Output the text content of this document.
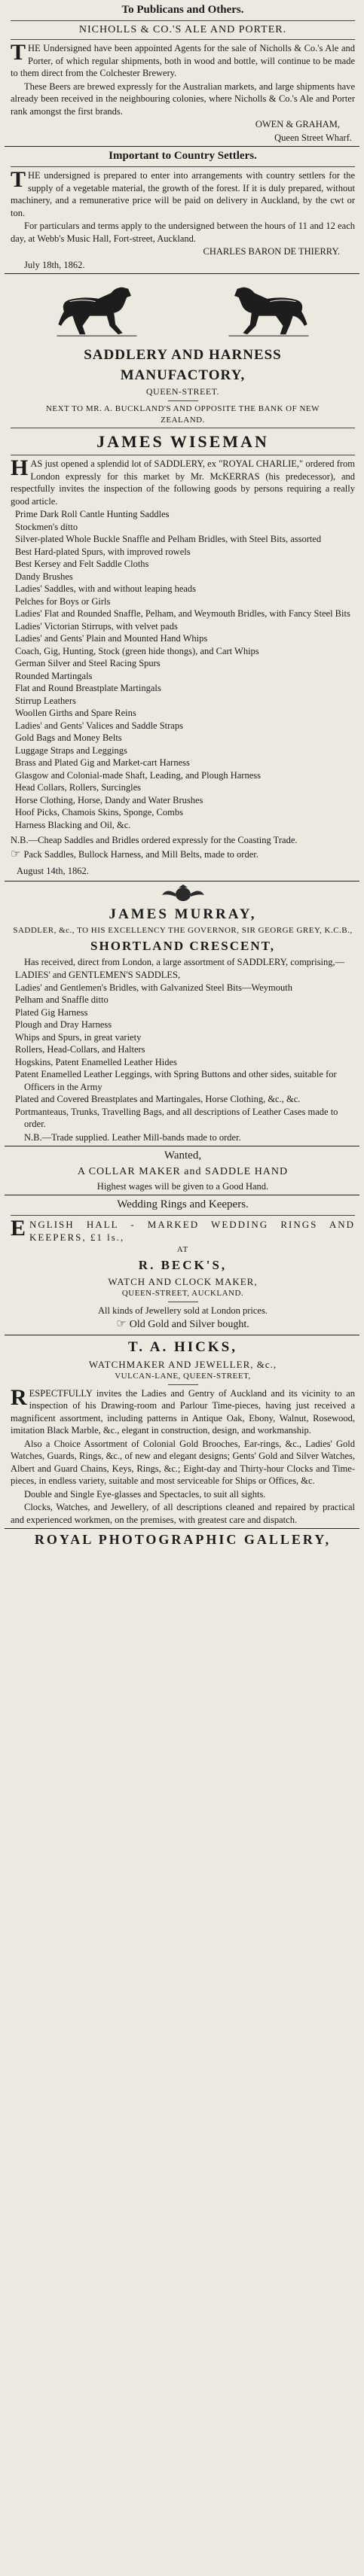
To Publicans and Others.
NICHOLLS & CO.'S ALE AND PORTER.

THE Undersigned have been appointed Agents for the sale of Nicholls & Co.'s Ale and Porter, of which regular shipments, both in wood and bottle, will continue to be made to them direct from the Colchester Brewery.

These Beers are brewed expressly for the Australian markets, and large shipments have already been received in the neighbouring colonies, where Nicholls & Co.'s Ale and Porter rank amongst the first brands.

OWEN & GRAHAM,

Queen Street Wharf.

Important to Country Settlers.

THE undersigned is prepared to enter into arrangements with country settlers for the supply of a vegetable material, the growth of the forest. If it is duly prepared, without machinery, and a remunerative price will be paid on delivery in Auckland, by the cwt or ton.

For particulars and terms apply to the undersigned between the hours of 11 and 12 each day, at Webb's Music Hall, Fort-street, Auckland.

CHARLES BARON DE THIERRY.

July 18th, 1862.

SADDLERY AND HARNESS
MANUFACTORY,
QUEEN-STREET.
NEXT TO MR. A. BUCKLAND'S AND OPPOSITE THE BANK OF NEW ZEALAND.
JAMES WISEMAN

HAS just opened a splendid lot of SADDLERY, ex "ROYAL CHARLIE," ordered from London expressly for this market by Mr. McKERRAS (his predecessor), and respectfully invites the inspection of the following goods by persons requiring a really good article.

Prime Dark Roll Cantle Hunting Saddles

Stockmen's ditto

Silver-plated Whole Buckle Snaffle and Pelham Bridles, with Steel Bits, assorted

Best Hard-plated Spurs, with improved rowels

Best Kersey and Felt Saddle Cloths

Dandy Brushes

Ladies' Saddles, with and without leaping heads

Pelches for Boys or Girls

Ladies' Flat and Rounded Snaffle, Pelham, and Weymouth Bridles, with Fancy Steel Bits

Ladies' Victorian Stirrups, with velvet pads

Ladies' and Gents' Plain and Mounted Hand Whips

Coach, Gig, Hunting, Stock (green hide thongs), and Cart Whips

German Silver and Steel Racing Spurs

Rounded Martingals

Flat and Round Breastplate Martingals

Stirrup Leathers

Woollen Girths and Spare Reins

Ladies' and Gents' Valices and Saddle Straps

Gold Bags and Money Belts

Luggage Straps and Leggings

Brass and Plated Gig and Market-cart Harness

Glasgow and Colonial-made Shaft, Leading, and Plough Harness

Head Collars, Rollers, Surcingles

Horse Clothing, Horse, Dandy and Water Brushes

Hoof Picks, Chamois Skins, Sponge, Combs

Harness Blacking and Oil, &c.

N.B.—Cheap Saddles and Bridles ordered expressly for the Coasting Trade.

☞ Pack Saddles, Bullock Harness, and Mill Belts, made to order.

August 14th, 1862.

JAMES MURRAY,
SADDLER, &c., TO HIS EXCELLENCY THE GOVERNOR, SIR GEORGE GREY, K.C.B.,
SHORTLAND CRESCENT,

Has received, direct from London, a large assortment of SADDLERY, comprising,—

LADIES' and GENTLEMEN'S SADDLES,

Ladies' and Gentlemen's Bridles, with Galvanized Steel Bits—Weymouth

Pelham and Snaffle ditto

Plated Gig Harness

Plough and Dray Harness

Whips and Spurs, in great variety

Rollers, Head-Collars, and Halters

Hogskins, Patent Enamelled Leather Hides

Patent Enamelled Leather Leggings, with Spring Buttons and other sides, suitable for Officers in the Army

Plated and Covered Breastplates and Martingales, Horse Clothing, &c., &c.

Portmanteaus, Trunks, Travelling Bags, and all descriptions of Leather Cases made to order.

N.B.—Trade supplied. Leather Mill-bands made to order.

Wanted,
A COLLAR MAKER and SADDLE HAND

Highest wages will be given to a Good Hand.

Wedding Rings and Keepers.

ENGLISH HALL - MARKED WEDDING RINGS AND KEEPERS, £1 ls.,

AT
R. BECK'S,
WATCH AND CLOCK MAKER,
QUEEN-STREET, AUCKLAND.

All kinds of Jewellery sold at London prices.

☞ Old Gold and Silver bought.

T. A. HICKS,
WATCHMAKER AND JEWELLER, &c.,
VULCAN-LANE, QUEEN-STREET,

RESPECTFULLY invites the Ladies and Gentry of Auckland and its vicinity to an inspection of his Drawing-room and Parlour Time-pieces, having just received a magnificent assortment, including patterns in Antique Oak, Ebony, Walnut, Rosewood, imitation Black Marble, &c., elegant in construction, design, and workmanship.

Also a Choice Assortment of Colonial Gold Brooches, Ear-rings, &c., Ladies' Gold Watches, Guards, Rings, &c., of new and elegant designs; Gents' Gold and Silver Watches, Albert and Guard Chains, Keys, Rings, &c.; Eight-day and Thirty-hour Clocks and Time-pieces, in endless variety, suitable and most serviceable for Ships or Offices, &c.

Double and Single Eye-glasses and Spectacles, to suit all sights.

Clocks, Watches, and Jewellery, of all descriptions cleaned and repaired by practical and experienced workmen, on the premises, with greatest care and dispatch.

ROYAL PHOTOGRAPHIC GALLERY,
